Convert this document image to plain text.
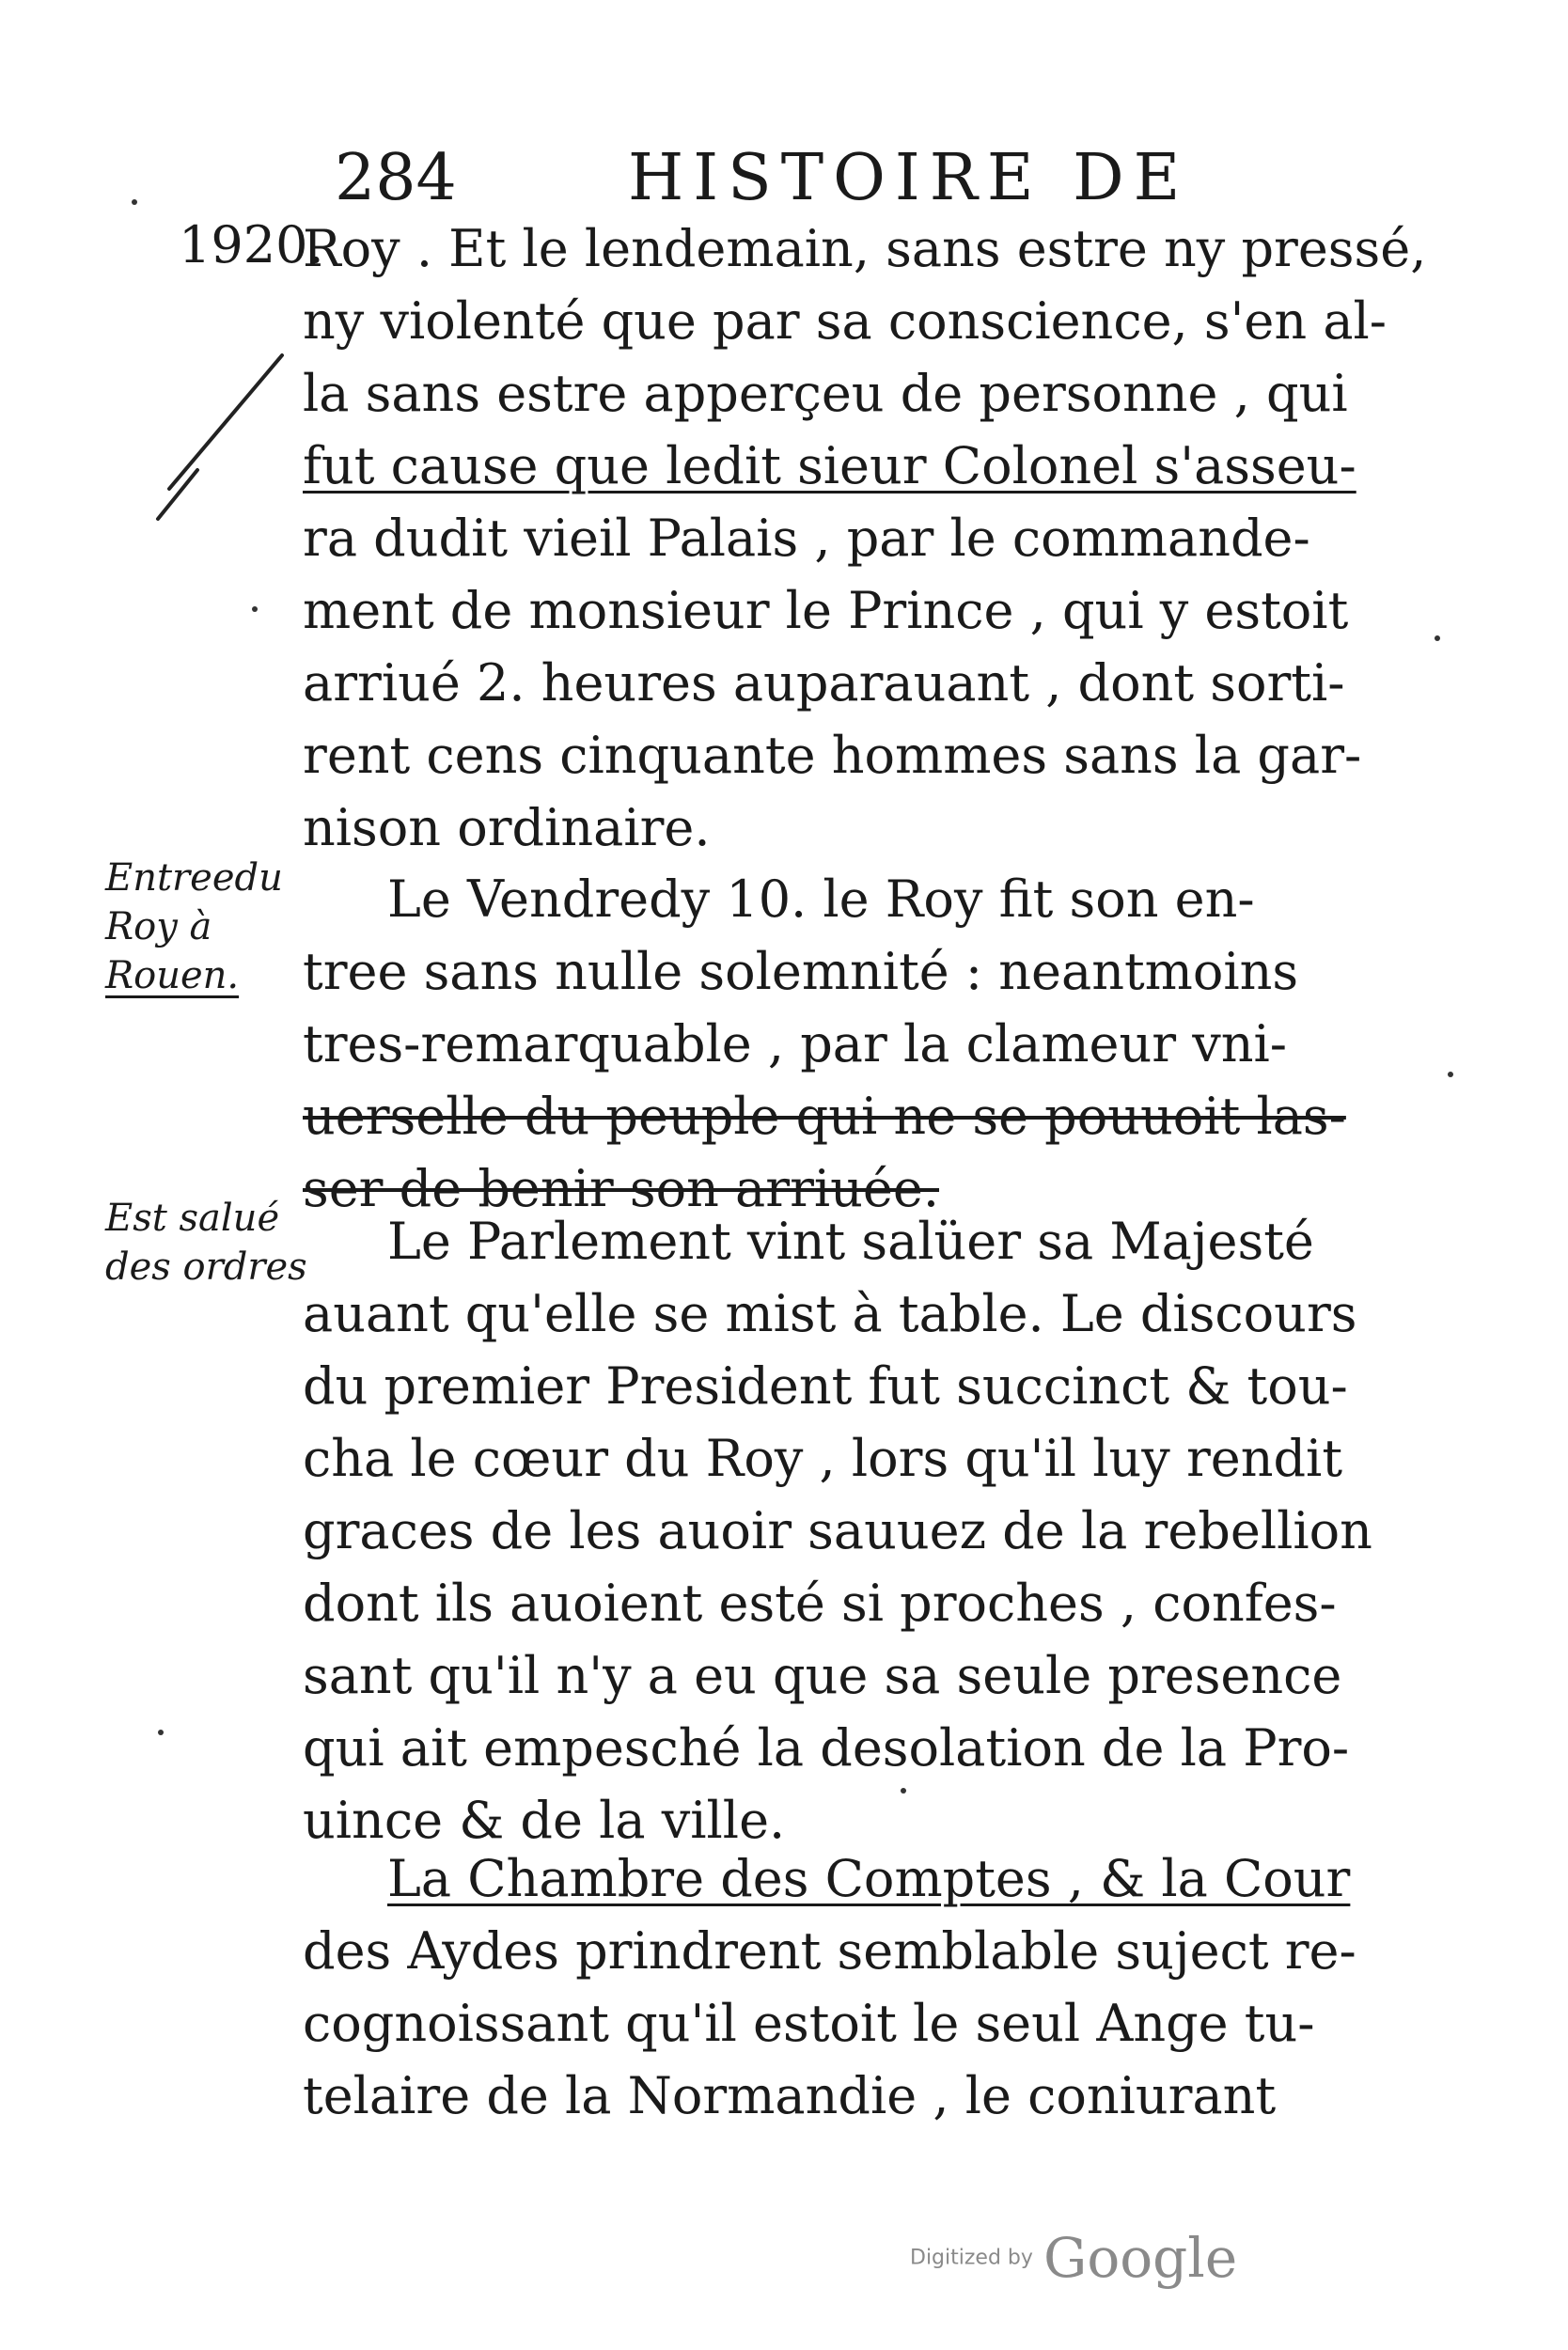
284	HISTOIRE DE
1920.
Roy . Et le lendemain, sans estre ny pressé,
ny violenté que par sa conscience, s'en al-
la sans estre apperçeu de personne , qui
fut cause que ledit sieur Colonel s'asseu-
ra dudit vieil Palais , par le commande-
ment de monsieur le Prince , qui y estoit
arriué 2. heures auparauant , dont sorti-
rent cens cinquante hommes sans la gar-
nison ordinaire.
Entreedu
Roy à
Rouen.
Le Vendredy 10. le Roy fit son en-
tree sans nulle solemnité : neantmoins
tres-remarquable , par la clameur vni-
uerselle du peuple qui ne se pouuoit las-
ser de benir son arriuée.
Est salué
des ordres	Le Parlement vint salüer sa Majesté
auant qu'elle se mist à table. Le discours
du premier President fut succinct & tou-
cha le cœur du Roy , lors qu'il luy rendit
graces de les auoir sauuez de la rebellion
dont ils auoient esté si proches , confes-
sant qu'il n'y a eu que sa seule presence
qui ait empesché la desolation de la Pro-
uince & de la ville.
La Chambre des Comptes , & la Cour
des Aydes prindrent semblable suject re-
cognoissant qu'il estoit le seul Ange tu-
telaire de la Normandie , le coniurant
Digitized by Google
